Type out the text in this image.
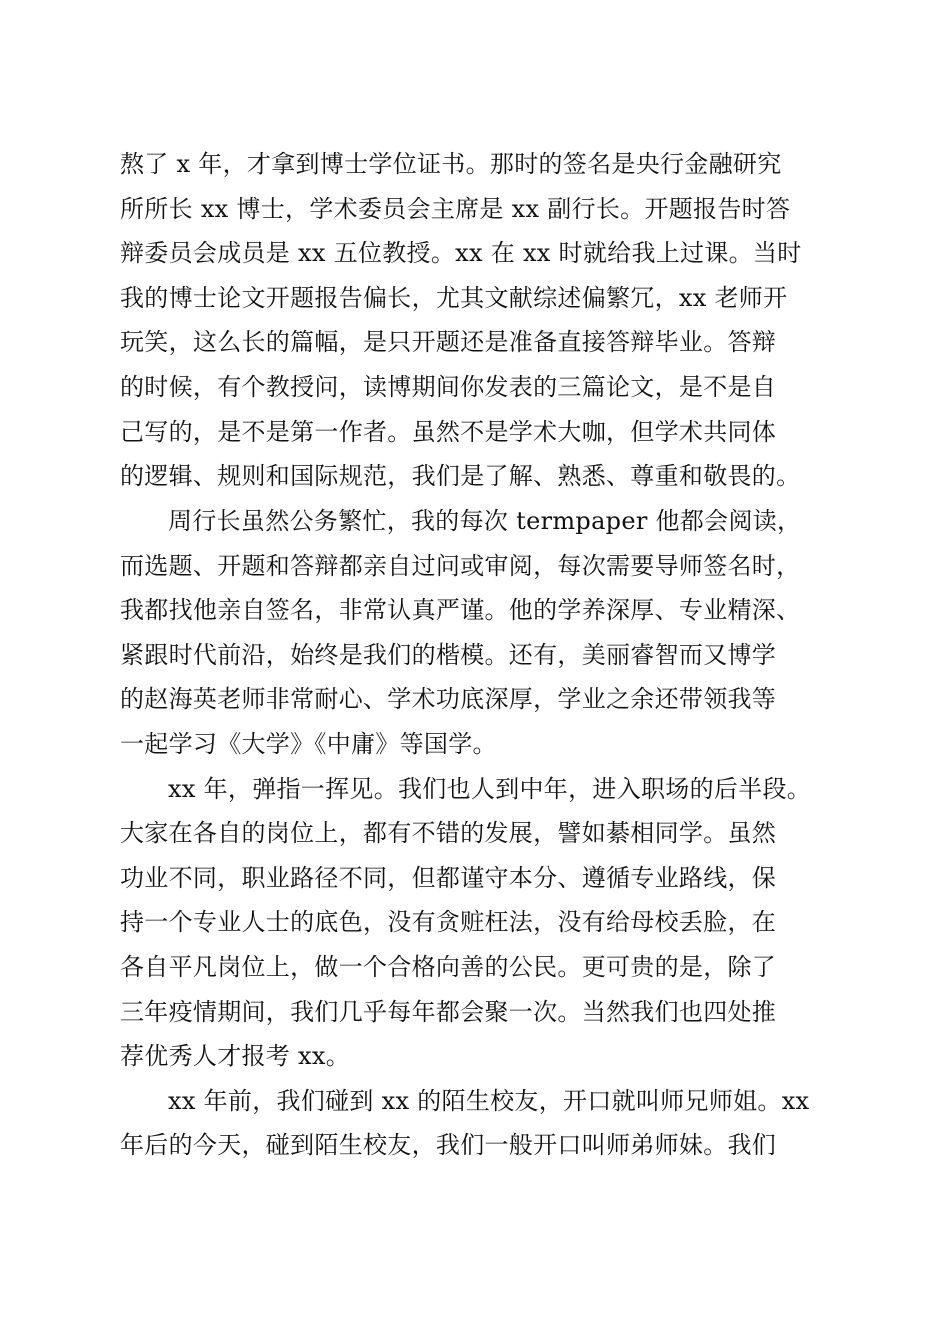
熬了 x 年，才拿到博士学位证书。那时的签名是央行金融研究
所所长 xx 博士，学术委员会主席是 xx 副行长。开题报告时答
辩委员会成员是 xx 五位教授。xx 在 xx 时就给我上过课。当时
我的博士论文开题报告偏长，尤其文献综述偏繁冗，xx 老师开
玩笑，这么长的篇幅，是只开题还是准备直接答辩毕业。答辩
的时候，有个教授问，读博期间你发表的三篇论文，是不是自
己写的，是不是第一作者。虽然不是学术大咖，但学术共同体
的逻辑、规则和国际规范，我们是了解、熟悉、尊重和敬畏的。
周行长虽然公务繁忙，我的每次 termpaper 他都会阅读，
而选题、开题和答辩都亲自过问或审阅，每次需要导师签名时，
我都找他亲自签名，非常认真严谨。他的学养深厚、专业精深、
紧跟时代前沿，始终是我们的楷模。还有，美丽睿智而又博学
的赵海英老师非常耐心、学术功底深厚，学业之余还带领我等
一起学习《大学》《中庸》等国学。
xx 年，弹指一挥见。我们也人到中年，进入职场的后半段。
大家在各自的岗位上，都有不错的发展，譬如綦相同学。虽然
功业不同，职业路径不同，但都谨守本分、遵循专业路线，保
持一个专业人士的底色，没有贪赃枉法，没有给母校丢脸，在
各自平凡岗位上，做一个合格向善的公民。更可贵的是，除了
三年疫情期间，我们几乎每年都会聚一次。当然我们也四处推
荐优秀人才报考 xx。
xx 年前，我们碰到 xx 的陌生校友，开口就叫师兄师姐。xx
年后的今天，碰到陌生校友，我们一般开口叫师弟师妹。我们
